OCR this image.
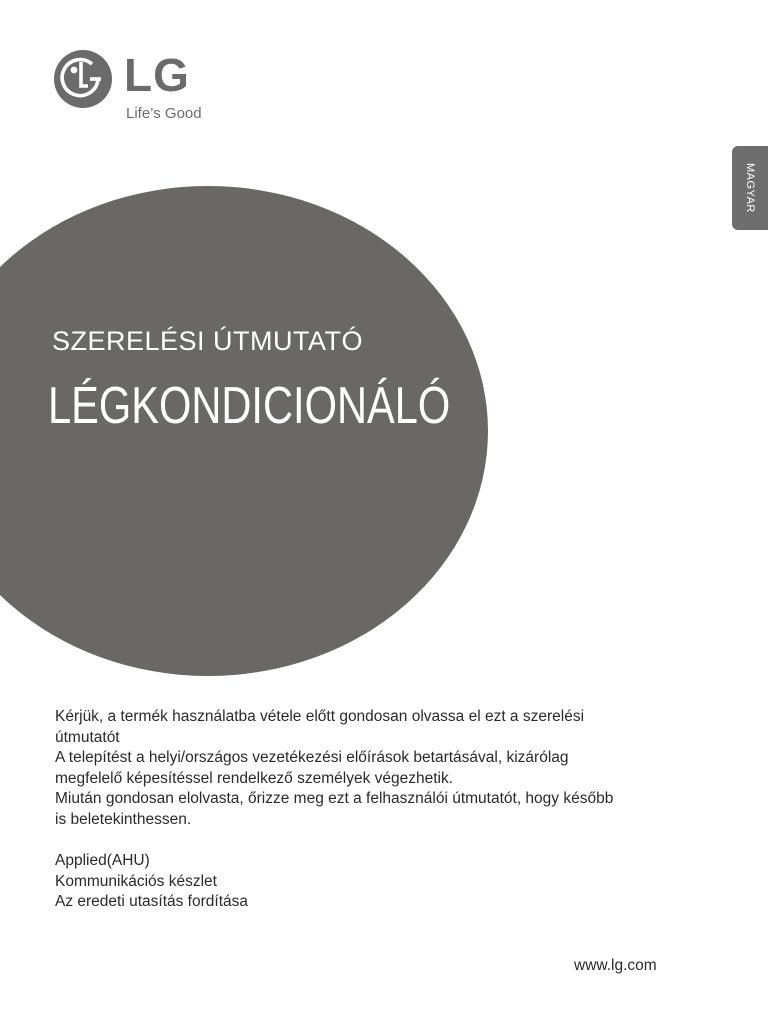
LG
Life’s Good
MAGYAR
SZERELÉSI ÚTMUTATÓ
LÉGKONDICIONÁLÓ

Kérjük, a termék használatba vétele előtt gondosan olvassa el ezt a szerelési

útmutatót

A telepítést a helyi/országos vezetékezési előírások betartásával, kizárólag

megfelelő képesítéssel rendelkező személyek végezhetik.

Miután gondosan elolvasta, őrizze meg ezt a felhasználói útmutatót, hogy később

is beletekinthessen.

Applied(AHU)

Kommunikációs készlet

Az eredeti utasítás fordítása

www.lg.com
